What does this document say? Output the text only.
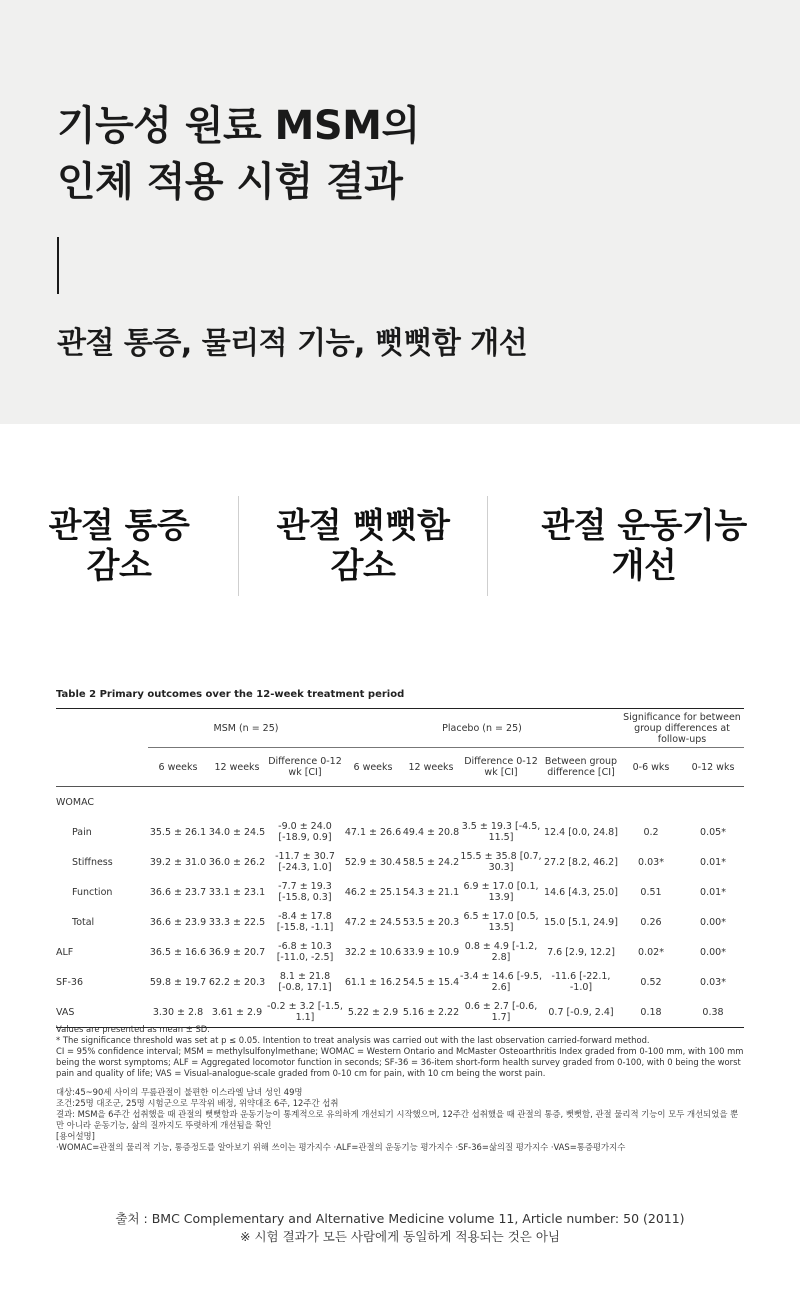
기능성 원료 MSM의
인체 적용 시험 결과
관절 통증, 물리적 기능, 뻣뻣함 개선
관절 통증
감소
관절 뻣뻣함
감소
관절 운동기능
개선

Table 2 Primary outcomes over the 12-week treatment period

	MSM (n = 25)			Placebo (n = 25)				Significance for between group differences at follow-ups	
	6 weeks	12 weeks	Difference 0-12 wk [CI]	6 weeks	12 weeks	Difference 0-12 wk [CI]	Between group difference [CI]	0-6 wks	0-12 wks
WOMAC									
Pain	35.5 ± 26.1	34.0 ± 24.5	-9.0 ± 24.0 [-18.9, 0.9]	47.1 ± 26.6	49.4 ± 20.8	3.5 ± 19.3 [-4.5, 11.5]	12.4 [0.0, 24.8]	0.2	0.05*
Stiffness	39.2 ± 31.0	36.0 ± 26.2	-11.7 ± 30.7 [-24.3, 1.0]	52.9 ± 30.4	58.5 ± 24.2	15.5 ± 35.8 [0.7, 30.3]	27.2 [8.2, 46.2]	0.03*	0.01*
Function	36.6 ± 23.7	33.1 ± 23.1	-7.7 ± 19.3 [-15.8, 0.3]	46.2 ± 25.1	54.3 ± 21.1	6.9 ± 17.0 [0.1, 13.9]	14.6 [4.3, 25.0]	0.51	0.01*
Total	36.6 ± 23.9	33.3 ± 22.5	-8.4 ± 17.8 [-15.8, -1.1]	47.2 ± 24.5	53.5 ± 20.3	6.5 ± 17.0 [0.5, 13.5]	15.0 [5.1, 24.9]	0.26	0.00*
ALF	36.5 ± 16.6	36.9 ± 20.7	-6.8 ± 10.3 [-11.0, -2.5]	32.2 ± 10.6	33.9 ± 10.9	0.8 ± 4.9 [-1.2, 2.8]	7.6 [2.9, 12.2]	0.02*	0.00*
SF-36	59.8 ± 19.7	62.2 ± 20.3	8.1 ± 21.8 [-0.8, 17.1]	61.1 ± 16.2	54.5 ± 15.4	-3.4 ± 14.6 [-9.5, 2.6]	-11.6 [-22.1, -1.0]	0.52	0.03*
VAS	3.30 ± 2.8	3.61 ± 2.9	-0.2 ± 3.2 [-1.5, 1.1]	5.22 ± 2.9	5.16 ± 2.22	0.6 ± 2.7 [-0.6, 1.7]	0.7 [-0.9, 2.4]	0.18	0.38

Values are presented as mean ± SD.

* The significance threshold was set at p ≤ 0.05. Intention to treat analysis was carried out with the last observation carried-forward method.

CI = 95% confidence interval; MSM = methylsulfonylmethane; WOMAC = Western Ontario and McMaster Osteoarthritis Index graded from 0-100 mm, with 100 mm being the worst symptoms; ALF = Aggregated locomotor function in seconds; SF-36 = 36-item short-form health survey graded from 0-100, with 0 being the worst pain and quality of life; VAS = Visual-analogue-scale graded from 0-10 cm for pain, with 10 cm being the worst pain.

대상:45~90세 사이의 무릎관절이 불편한 이스라엘 남녀 성인 49명

조건:25명 대조군, 25명 시험군으로 무작위 배정, 위약대조 6주, 12주간 섭취

결과: MSM을 6주간 섭취했을 때 관절의 뻣뻣함과 운동기능이 통계적으로 유의하게 개선되기 시작했으며, 12주간 섭취했을 때 관절의 통증, 뻣뻣함, 관절 물리적 기능이 모두 개선되었을 뿐만 아니라 운동기능, 삶의 질까지도 뚜렷하게 개선됨을 확인

[용어설명]

·WOMAC=관절의 물리적 기능, 통증정도를 알아보기 위해 쓰이는 평가지수 ·ALF=관절의 운동기능 평가지수 ·SF-36=삶의질 평가지수 ·VAS=통증평가지수

출처 : BMC Complementary and Alternative Medicine volume 11, Article number: 50 (2011)

※ 시험 결과가 모든 사람에게 동일하게 적용되는 것은 아님
